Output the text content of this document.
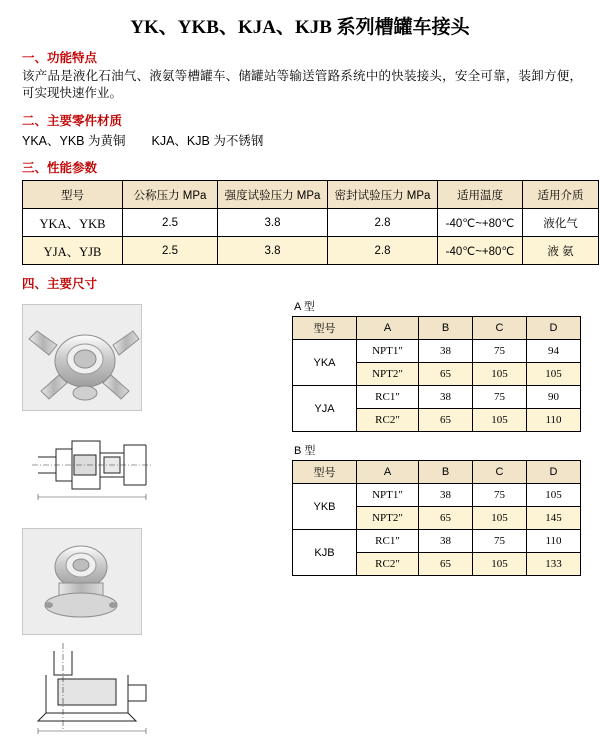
YK、YKB、KJA、KJB 系列槽罐车接头
一、功能特点
该产品是液化石油气、液氨等槽罐车、储罐站等输送管路系统中的快装接头，安全可靠，装卸方便，可实现快速作业。
二、主要零件材质
YKA、YKB 为黄铜 KJA、KJB 为不锈钢
三、性能参数
型号	公称压力 MPa	强度试验压力 MPa	密封试验压力 MPa	适用温度	适用介质
YKA、YKB	2.5	3.8	2.8	-40℃~+80℃	液化气
YJA、YJB	2.5	3.8	2.8	-40℃~+80℃	液 氨
四、主要尺寸

A 型
型号	A	B	C	D
YKA	NPT1"	38	75	94
	NPT2"	65	105	105
YJA	RC1"	38	75	90
	RC2"	65	105	110
B 型
型号	A	B	C	D
YKB	NPT1"	38	75	105
	NPT2"	65	105	145
KJB	RC1"	38	75	110
	RC2"	65	105	133
